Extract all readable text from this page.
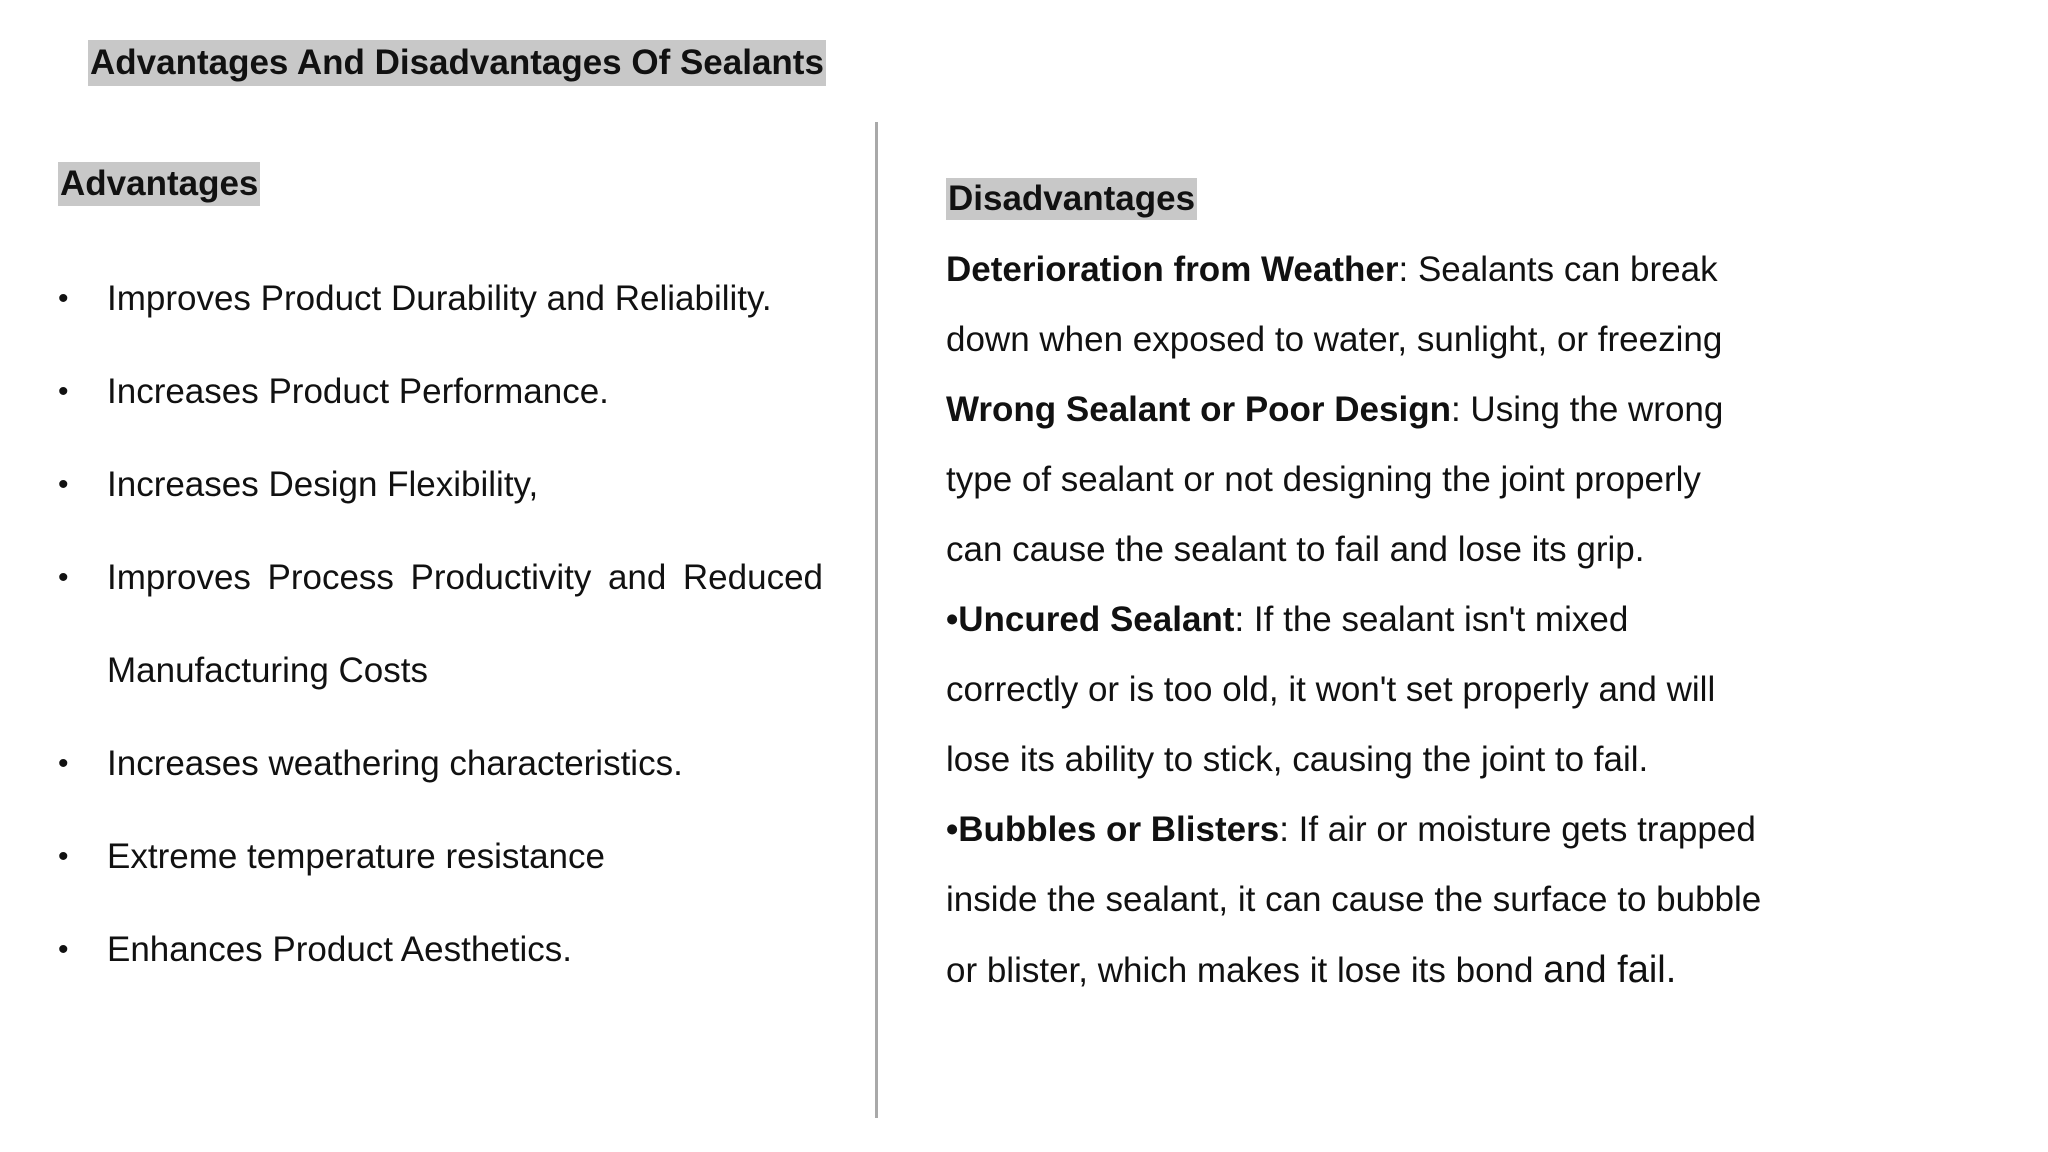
Advantages And Disadvantages Of Sealants
Advantages
• Improves Product Durability and Reliability.
• Increases Product Performance.
• Increases Design Flexibility,
• Improves Process Productivity and Reduced
Manufacturing Costs
• Increases weathering characteristics.
• Extreme temperature resistance
• Enhances Product Aesthetics.
Disadvantages
Deterioration from Weather: Sealants can break
down when exposed to water, sunlight, or freezing
Wrong Sealant or Poor Design: Using the wrong
type of sealant or not designing the joint properly
can cause the sealant to fail and lose its grip.
•Uncured Sealant: If the sealant isn't mixed
correctly or is too old, it won't set properly and will
lose its ability to stick, causing the joint to fail.
•Bubbles or Blisters: If air or moisture gets trapped
inside the sealant, it can cause the surface to bubble
or blister, which makes it lose its bond and fail.
